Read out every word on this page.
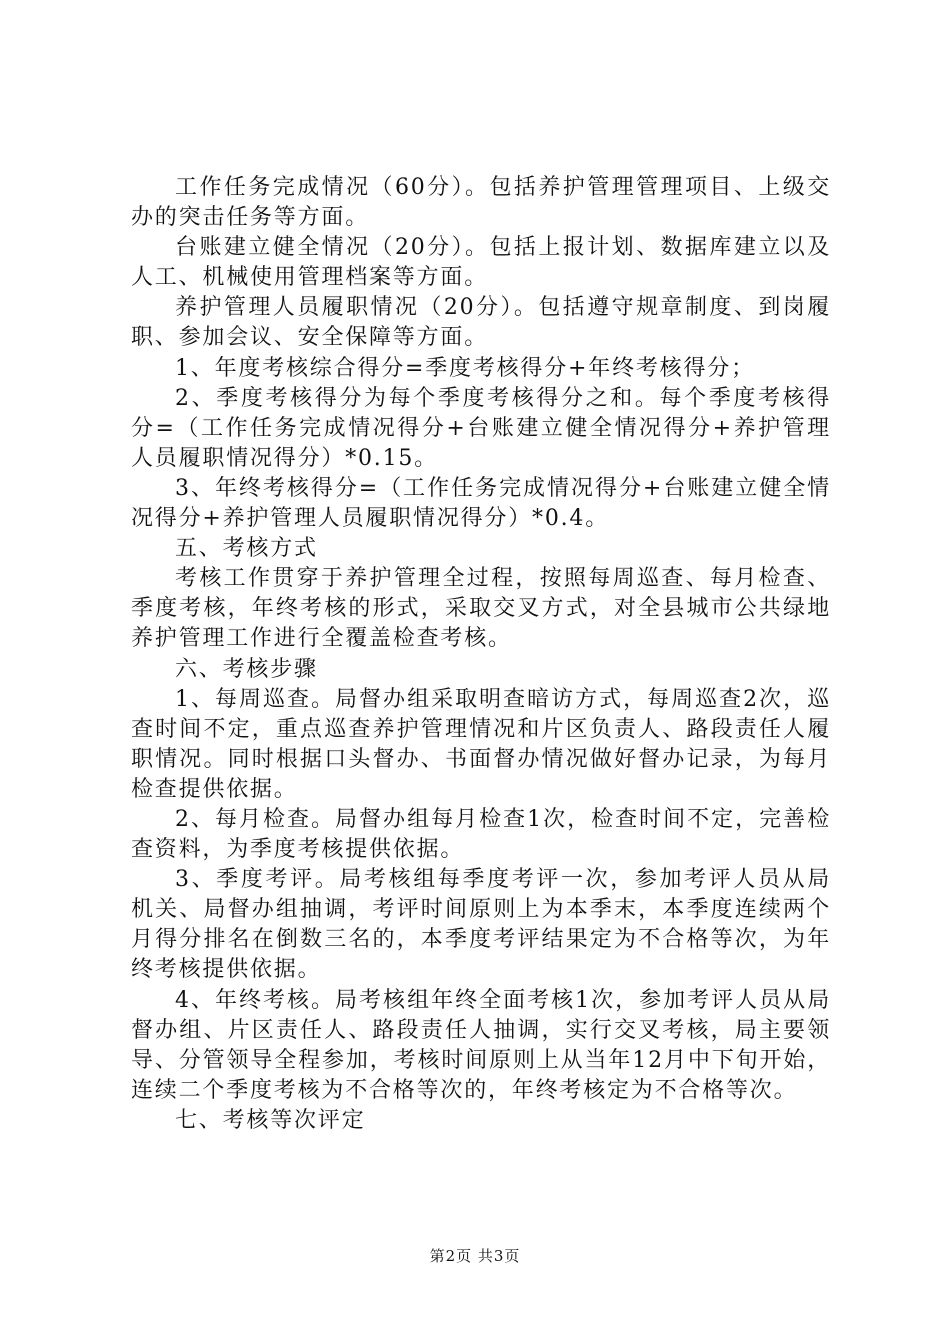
工作任务完成情况（60分）。包括养护管理管理项目、上级交办的突击任务等方面。

台账建立健全情况（20分）。包括上报计划、数据库建立以及人工、机械使用管理档案等方面。

养护管理人员履职情况（20分）。包括遵守规章制度、到岗履职、参加会议、安全保障等方面。

1、年度考核综合得分=季度考核得分+年终考核得分；

2、季度考核得分为每个季度考核得分之和。每个季度考核得分=（工作任务完成情况得分+台账建立健全情况得分+养护管理人员履职情况得分）*0.15。

3、年终考核得分=（工作任务完成情况得分+台账建立健全情况得分+养护管理人员履职情况得分）*0.4。

五、考核方式

考核工作贯穿于养护管理全过程，按照每周巡查、每月检查、季度考核，年终考核的形式，采取交叉方式，对全县城市公共绿地养护管理工作进行全覆盖检查考核。

六、考核步骤

1、每周巡查。局督办组采取明查暗访方式，每周巡查2次，巡查时间不定，重点巡查养护管理情况和片区负责人、路段责任人履职情况。同时根据口头督办、书面督办情况做好督办记录，为每月检查提供依据。

2、每月检查。局督办组每月检查1次，检查时间不定，完善检查资料，为季度考核提供依据。

3、季度考评。局考核组每季度考评一次，参加考评人员从局机关、局督办组抽调，考评时间原则上为本季末，本季度连续两个月得分排名在倒数三名的，本季度考评结果定为不合格等次，为年终考核提供依据。

4、年终考核。局考核组年终全面考核1次，参加考评人员从局督办组、片区责任人、路段责任人抽调，实行交叉考核，局主要领导、分管领导全程参加，考核时间原则上从当年12月中下旬开始，连续二个季度考核为不合格等次的，年终考核定为不合格等次。

七、考核等次评定

第2页 共3页
